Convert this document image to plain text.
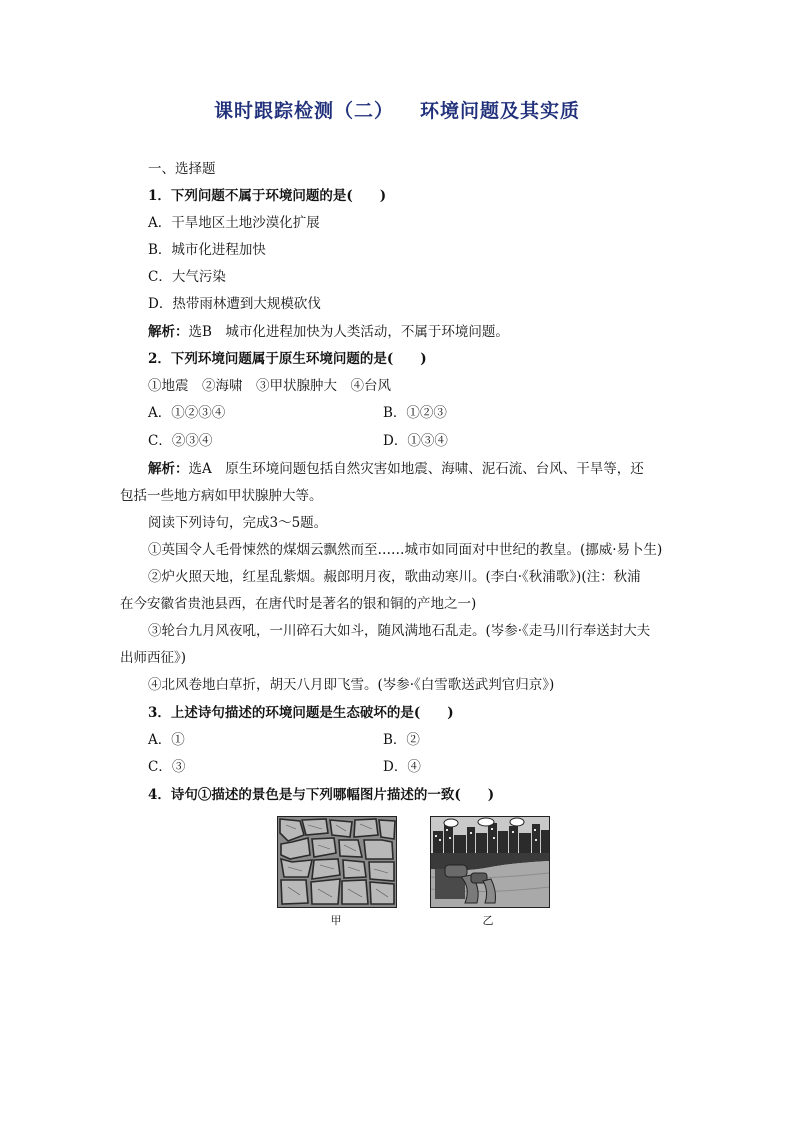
课时跟踪检测（二） 环境问题及其实质
一、选择题
1．下列问题不属于环境问题的是(　　)
A．干旱地区土地沙漠化扩展
B．城市化进程加快
C．大气污染
D．热带雨林遭到大规模砍伐
解析：选B　城市化进程加快为人类活动，不属于环境问题。
2．下列环境问题属于原生环境问题的是(　　)
①地震　②海啸　③甲状腺肿大　④台风
A．①②③④	B．①②③
C．②③④	D．①③④
解析：选A　原生环境问题包括自然灾害如地震、海啸、泥石流、台风、干旱等，还
包括一些地方病如甲状腺肿大等。
阅读下列诗句，完成3～5题。
①英国令人毛骨悚然的煤烟云飘然而至……城市如同面对中世纪的教皇。(挪威·易卜生)
②炉火照天地，红星乱紫烟。赧郎明月夜，歌曲动寒川。(李白·《秋浦歌》)(注：秋浦
在今安徽省贵池县西，在唐代时是著名的银和铜的产地之一)
③轮台九月风夜吼，一川碎石大如斗，随风满地石乱走。(岑参·《走马川行奉送封大夫
出师西征》)
④北风卷地白草折，胡天八月即飞雪。(岑参·《白雪歌送武判官归京》)
3．上述诗句描述的环境问题是生态破坏的是(　　)
A．①	B．②
C．③	D．④
4．诗句①描述的景色是与下列哪幅图片描述的一致(　　)
甲	乙
